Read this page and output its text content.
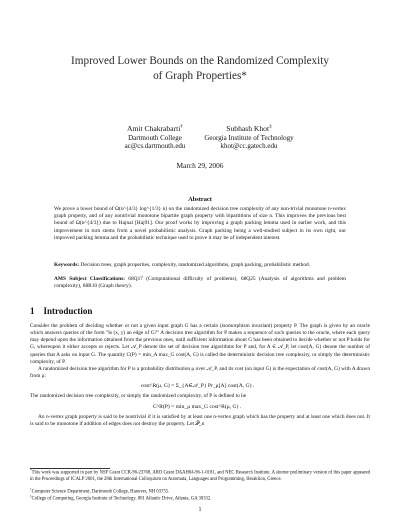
Improved Lower Bounds on the Randomized Complexity
of Graph Properties*
Amit Chakrabarti†
Dartmouth College
ac@cs.dartmouth.edu
Subhash Khot‡
Georgia Institute of Technology
khot@cc.gatech.edu
March 29, 2006
Abstract
We prove a lower bound of Ω(n^{4/3} log^{1/3} n) on the randomized decision tree complexity of any non-trivial monotone n-vertex graph property, and of any nontrivial monotone bipartite graph property with bipartitions of size n. This improves the previous best bound of Ω(n^{4/3}) due to Hajnal [Haj91]. Our proof works by improving a graph packing lemma used in earlier work, and this improvement in turn stems from a novel probabilistic analysis. Graph packing being a well-studied subject in its own right, our improved packing lemma and the probabilistic technique used to prove it may be of independent interest.
Keywords: Decision trees, graph properties, complexity, randomized algorithms, graph packing, probabilistic method.
AMS Subject Classifications: 68Q17 (Computational difficulty of problems), 68Q25 (Analysis of algorithms and problem complexity), 68R10 (Graph theory).
1 Introduction

Consider the problem of deciding whether or not a given input graph G has a certain (isomorphism invariant) property P. The graph is given by an oracle which answers queries of the form "Is (x, y) an edge of G?" A decision tree algorithm for P makes a sequence of such queries to the oracle, where each query may depend upon the information obtained from the previous ones, until sufficient information about G has been obtained to decide whether or not P holds for G, whereupon it either accepts or rejects. Let 𝒜_P denote the set of decision tree algorithms for P and, for A ∈ 𝒜_P, let cost(A, G) denote the number of queries that A asks on input G. The quantity C(P) = min_A max_G cost(A, G) is called the deterministic decision tree complexity, or simply the deterministic complexity, of P.

A randomized decision tree algorithm for P is a probability distribution μ over 𝒜_P, and its cost (on input G) is the expectation of cost(A, G) with A drawn from μ:

cost^R(μ, G) = Σ_{A∈𝒜_P} Pr_μ[A] cost(A, G) .

The randomized decision tree complexity, or simply the randomized complexity, of P is defined to be

C^R(P) = min_μ max_G cost^R(μ, G) .

An n-vertex graph property is said to be nontrivial if it is satisfied by at least one n-vertex graph which has the property and at least one which does not. It is said to be monotone if addition of edges does not destroy the property. Let 𝒫_n

*This work was supported in part by NSF Grant CCR-96-23768, ARO Grant DAAH04-96-1-0181, and NEC Research Institute. A shorter preliminary version of this paper appeared in the Proceedings of ICALP 2001, the 28th International Colloquium on Automata, Languages and Programming, Heraklion, Greece.
†Computer Science Department, Dartmouth College, Hanover, NH 03755.
‡College of Computing, Georgia Institute of Technology, 801 Atlantic Drive, Atlanta, GA 30332.
1
